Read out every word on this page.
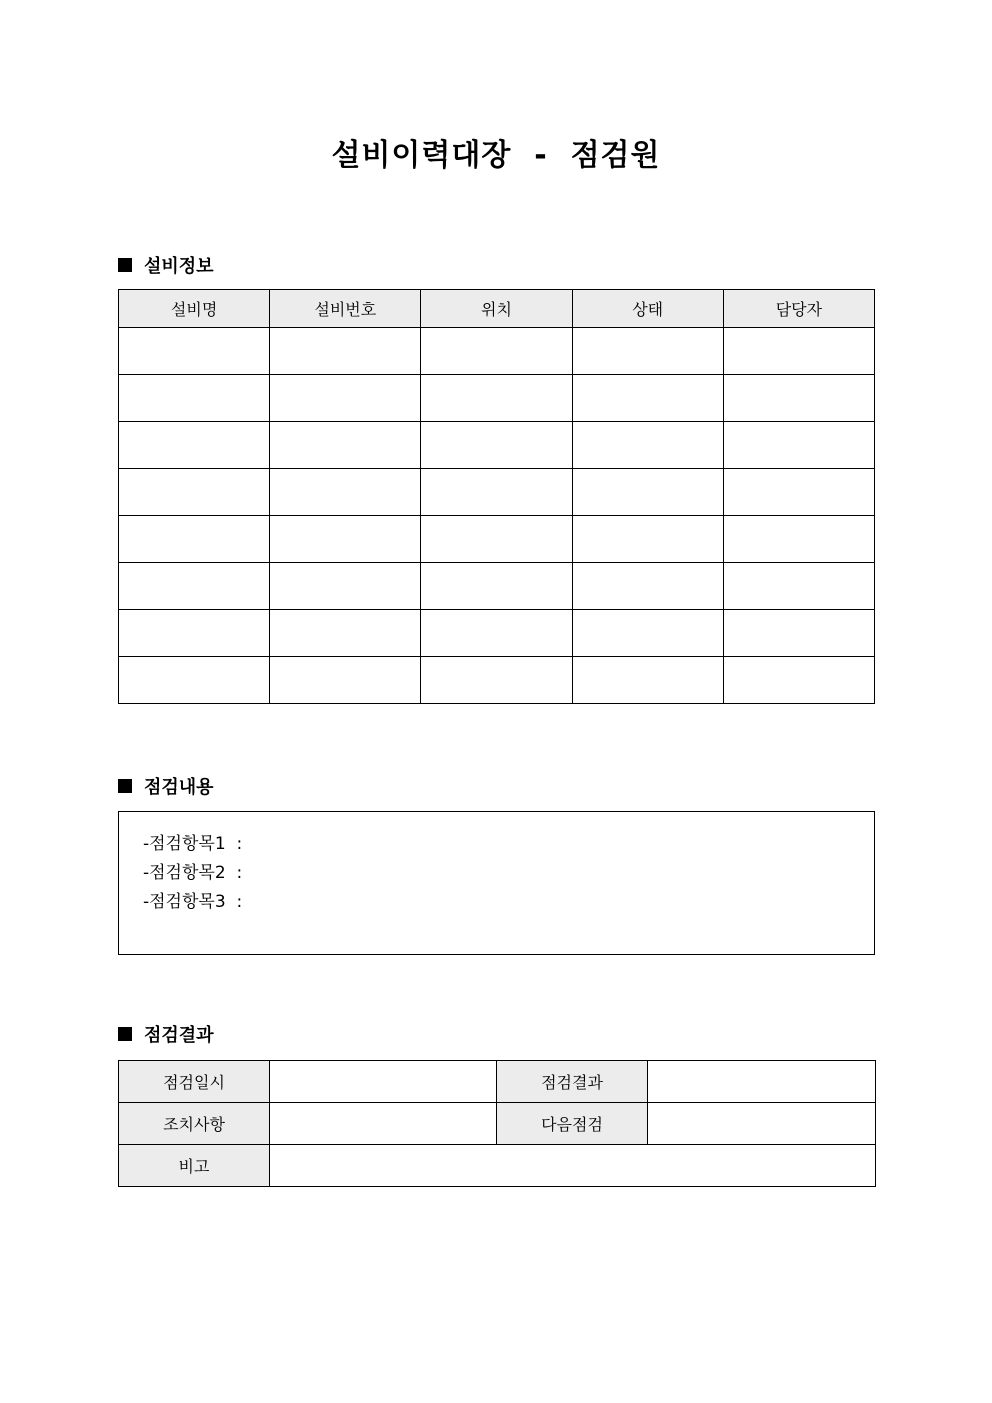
설비이력대장  -  점검원
설비정보
설비명	설비번호	위치	상태	담당자

점검내용
-점검항목1  :
-점검항목2  :
-점검항목3  :
점검결과
점검일시		점검결과	
조치사항		다음점검	
비고			
